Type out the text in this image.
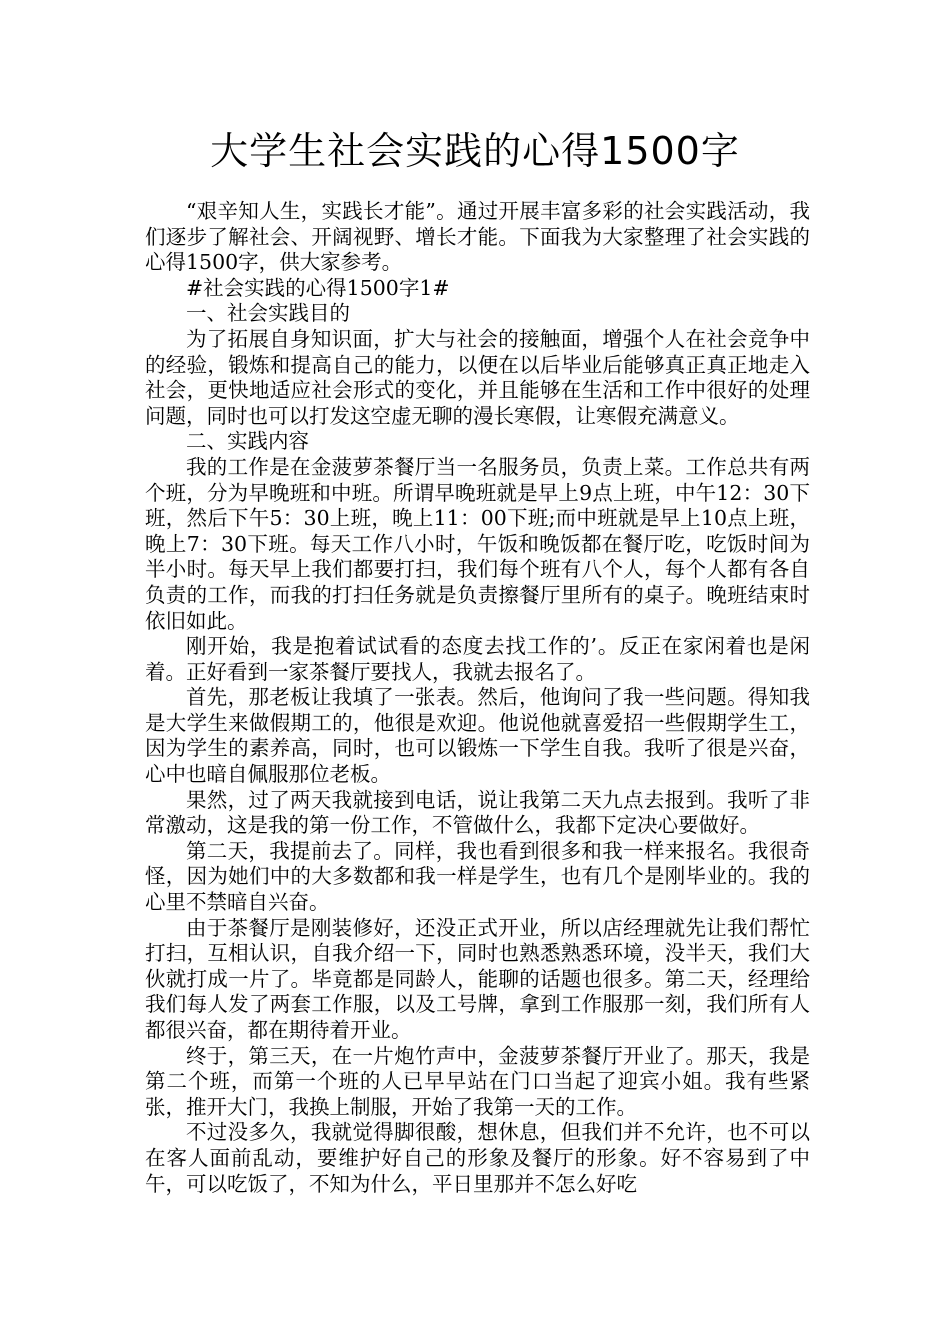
大学生社会实践的心得1500字

“艰辛知人生，实践长才能”。通过开展丰富多彩的社会实践活动，我们逐步了解社会、开阔视野、增长才能。下面我为大家整理了社会实践的心得1500字，供大家参考。

#社会实践的心得1500字1#

一、社会实践目的

为了拓展自身知识面，扩大与社会的接触面，增强个人在社会竞争中的经验，锻炼和提高自己的能力，以便在以后毕业后能够真正真正地走入社会，更快地适应社会形式的变化，并且能够在生活和工作中很好的处理问题，同时也可以打发这空虚无聊的漫长寒假，让寒假充满意义。

二、实践内容

我的工作是在金菠萝茶餐厅当一名服务员，负责上菜。工作总共有两个班，分为早晚班和中班。所谓早晚班就是早上9点上班，中午12：30下班，然后下午5：30上班，晚上11：00下班;而中班就是早上10点上班，晚上7：30下班。每天工作八小时，午饭和晚饭都在餐厅吃，吃饭时间为半小时。每天早上我们都要打扫，我们每个班有八个人，每个人都有各自负责的工作，而我的打扫任务就是负责擦餐厅里所有的桌子。晚班结束时依旧如此。

刚开始，我是抱着试试看的态度去找工作的’。反正在家闲着也是闲着。正好看到一家茶餐厅要找人，我就去报名了。

首先，那老板让我填了一张表。然后，他询问了我一些问题。得知我是大学生来做假期工的，他很是欢迎。他说他就喜爱招一些假期学生工，因为学生的素养高，同时，也可以锻炼一下学生自我。我听了很是兴奋，心中也暗自佩服那位老板。

果然，过了两天我就接到电话，说让我第二天九点去报到。我听了非常激动，这是我的第一份工作，不管做什么，我都下定决心要做好。

第二天，我提前去了。同样，我也看到很多和我一样来报名。我很奇怪，因为她们中的大多数都和我一样是学生，也有几个是刚毕业的。我的心里不禁暗自兴奋。

由于茶餐厅是刚装修好，还没正式开业，所以店经理就先让我们帮忙打扫，互相认识，自我介绍一下，同时也熟悉熟悉环境，没半天，我们大伙就打成一片了。毕竟都是同龄人，能聊的话题也很多。第二天，经理给我们每人发了两套工作服，以及工号牌，拿到工作服那一刻，我们所有人都很兴奋，都在期待着开业。

终于，第三天，在一片炮竹声中，金菠萝茶餐厅开业了。那天，我是第二个班，而第一个班的人已早早站在门口当起了迎宾小姐。我有些紧张，推开大门，我换上制服，开始了我第一天的工作。

不过没多久，我就觉得脚很酸，想休息，但我们并不允许，也不可以在客人面前乱动，要维护好自己的形象及餐厅的形象。好不容易到了中午，可以吃饭了，不知为什么，平日里那并不怎么好吃
